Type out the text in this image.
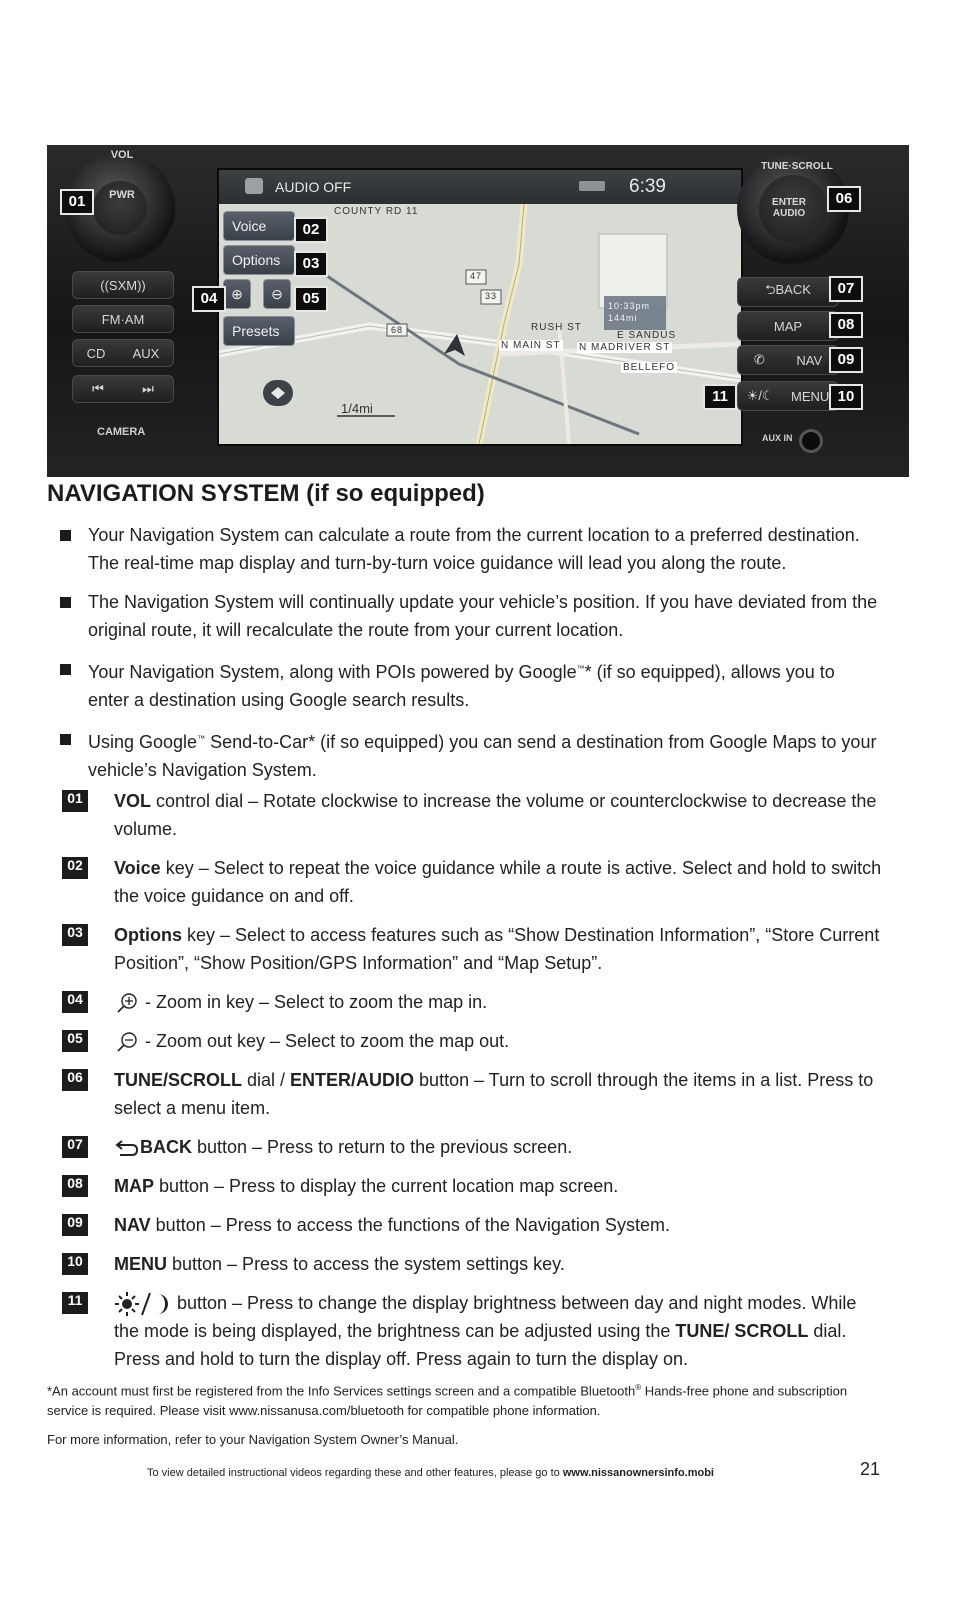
VOL
PWR
((SXM))
FM·AM
CD AUX
⏮	⏭
CAMERA
AUDIO OFF	6:39
47
33
68
COUNTY RD 11
RUSH ST
E SANDUS
N MAIN ST N MADRIVER ST
BELLEFO
10:33pm 144mi
1/4mi
Voice
Options
⊕	⊖
Presets
TUNE·SCROLL
ENTER AUDIO
⮌BACK
MAP
✆ NAV
☀/☾ MENU
AUX IN
01
02
03
04	05
06
07
08
09
10
11
NAVIGATION SYSTEM (if so equipped)
Your Navigation System can calculate a route from the current location to a preferred destination. The real-time map display and turn-by-turn voice guidance will lead you along the route.
The Navigation System will continually update your vehicle’s position. If you have deviated from the original route, it will recalculate the route from your current location.
Your Navigation System, along with POIs powered by Google™* (if so equipped), allows you to enter a destination using Google search results.
Using Google™ Send-to-Car* (if so equipped) you can send a destination from Google Maps to your vehicle’s Navigation System.
01 VOL control dial – Rotate clockwise to increase the volume or counterclockwise to decrease the volume.
02 Voice key – Select to repeat the voice guidance while a route is active. Select and hold to switch the voice guidance on and off.
03 Options key – Select to access features such as “Show Destination Information”, “Store Current Position”, “Show Position/GPS Information” and “Map Setup”.
04	- Zoom in key – Select to zoom the map in.
05	- Zoom out key – Select to zoom the map out.
06 TUNE/SCROLL dial / ENTER/AUDIO button – Turn to scroll through the items in a list. Press to select a menu item.
07	BACK button – Press to return to the previous screen.
08 MAP button – Press to display the current location map screen.
09 NAV button – Press to access the functions of the Navigation System.
10 MENU button – Press to access the system settings key.
11	button – Press to change the display brightness between day and night modes. While the mode is being displayed, the brightness can be adjusted using the TUNE/ SCROLL dial. Press and hold to turn the display off. Press again to turn the display on.
*An account must first be registered from the Info Services settings screen and a compatible Bluetooth® Hands-free phone and subscription service is required. Please visit www.nissanusa.com/bluetooth for compatible phone information.
For more information, refer to your Navigation System Owner’s Manual.
To view detailed instructional videos regarding these and other features, please go to www.nissanownersinfo.mobi	21
